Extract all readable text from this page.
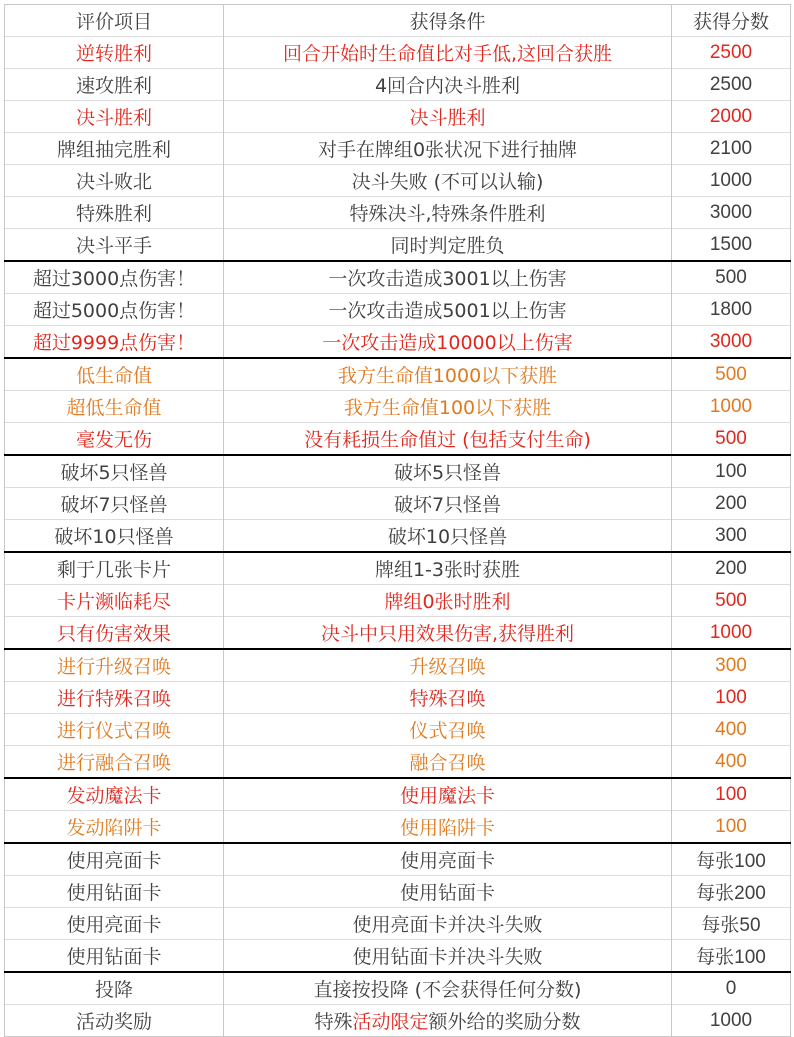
评价项目	获得条件	获得分数
逆转胜利	回合开始时生命值比对手低,这回合获胜	2500
速攻胜利	4回合内决斗胜利	2500
决斗胜利	决斗胜利	2000
牌组抽完胜利	对手在牌组0张状况下进行抽牌	2100
决斗败北	决斗失败 (不可以认输)	1000
特殊胜利	特殊决斗,特殊条件胜利	3000
决斗平手	同时判定胜负	1500
超过3000点伤害！	一次攻击造成3001以上伤害	500
超过5000点伤害！	一次攻击造成5001以上伤害	1800
超过9999点伤害！	一次攻击造成10000以上伤害	3000
低生命值	我方生命值1000以下获胜	500
超低生命值	我方生命值100以下获胜	1000
毫发无伤	没有耗损生命值过 (包括支付生命)	500
破坏5只怪兽	破坏5只怪兽	100
破坏7只怪兽	破坏7只怪兽	200
破坏10只怪兽	破坏10只怪兽	300
剩于几张卡片	牌组1-3张时获胜	200
卡片濒临耗尽	牌组0张时胜利	500
只有伤害效果	决斗中只用效果伤害,获得胜利	1000
进行升级召唤	升级召唤	300
进行特殊召唤	特殊召唤	100
进行仪式召唤	仪式召唤	400
进行融合召唤	融合召唤	400
发动魔法卡	使用魔法卡	100
发动陷阱卡	使用陷阱卡	100
使用亮面卡	使用亮面卡	每张100
使用钻面卡	使用钻面卡	每张200
使用亮面卡	使用亮面卡并决斗失败	每张50
使用钻面卡	使用钻面卡并决斗失败	每张100
投降	直接按投降 (不会获得任何分数)	0
活动奖励	特殊活动限定额外给的奖励分数	1000
